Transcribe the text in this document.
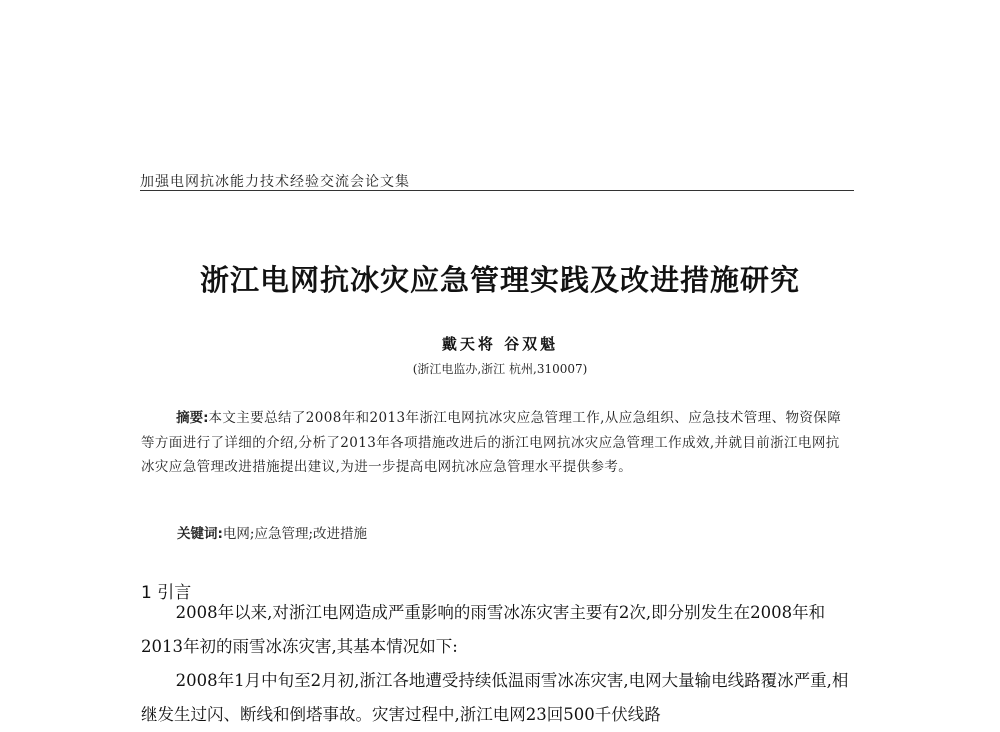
加强电网抗冰能力技术经验交流会论文集
浙江电网抗冰灾应急管理实践及改进措施研究
戴天将 谷双魁
(浙江电监办,浙江 杭州,310007)
摘要:本文主要总结了2008年和2013年浙江电网抗冰灾应急管理工作,从应急组织、应急技术管理、物资保障等方面进行了详细的介绍,分析了2013年各项措施改进后的浙江电网抗冰灾应急管理工作成效,并就目前浙江电网抗冰灾应急管理改进措施提出建议,为进一步提高电网抗冰应急管理水平提供参考。
关键词:电网;应急管理;改进措施
1 引言
2008年以来,对浙江电网造成严重影响的雨雪冰冻灾害主要有2次,即分别发生在2008年和2013年初的雨雪冰冻灾害,其基本情况如下:
2008年1月中旬至2月初,浙江各地遭受持续低温雨雪冰冻灾害,电网大量输电线路覆冰严重,相继发生过闪、断线和倒塔事故。灾害过程中,浙江电网23回500千伏线路
